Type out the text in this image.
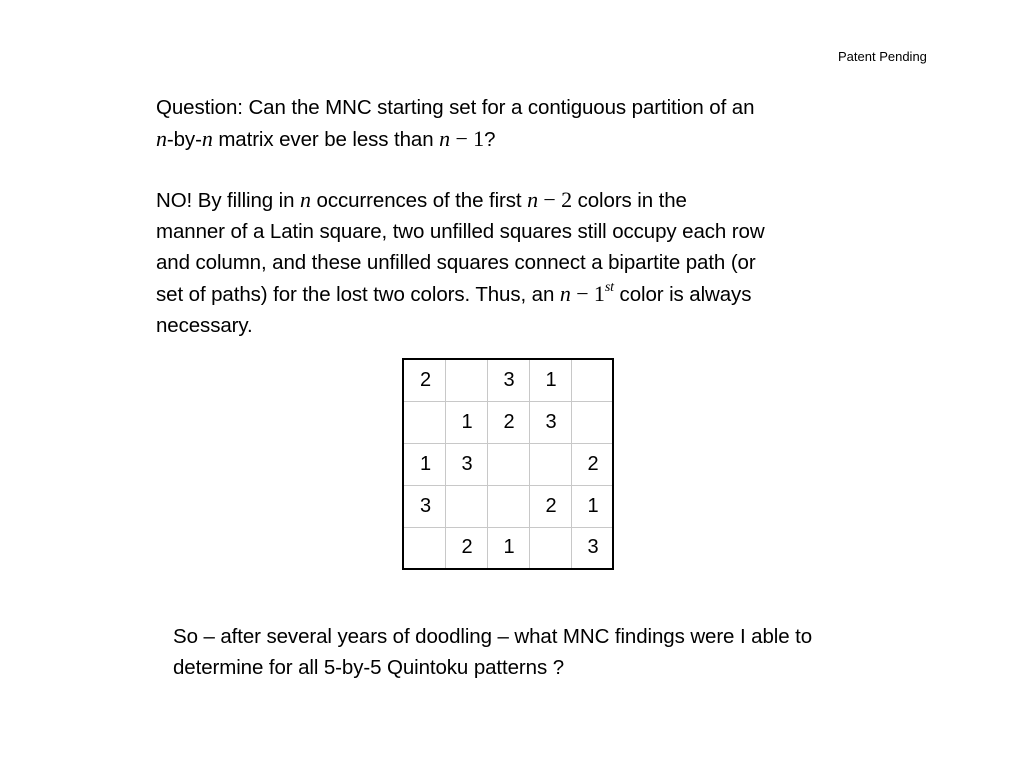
Patent Pending
Question: Can the MNC starting set for a contiguous partition of an
n-by-n matrix ever be less than n − 1?
NO! By filling in n occurrences of the first n − 2 colors in the
manner of a Latin square, two unfilled squares still occupy each row
and column, and these unfilled squares connect a bipartite path (or
set of paths) for the lost two colors. Thus, an n − 1st color is always
necessary.
2		3	1	
	1	2	3	
1	3			2
3			2	1
	2	1		3
So – after several years of doodling – what MNC findings were I able to
determine for all 5-by-5 Quintoku patterns ?
